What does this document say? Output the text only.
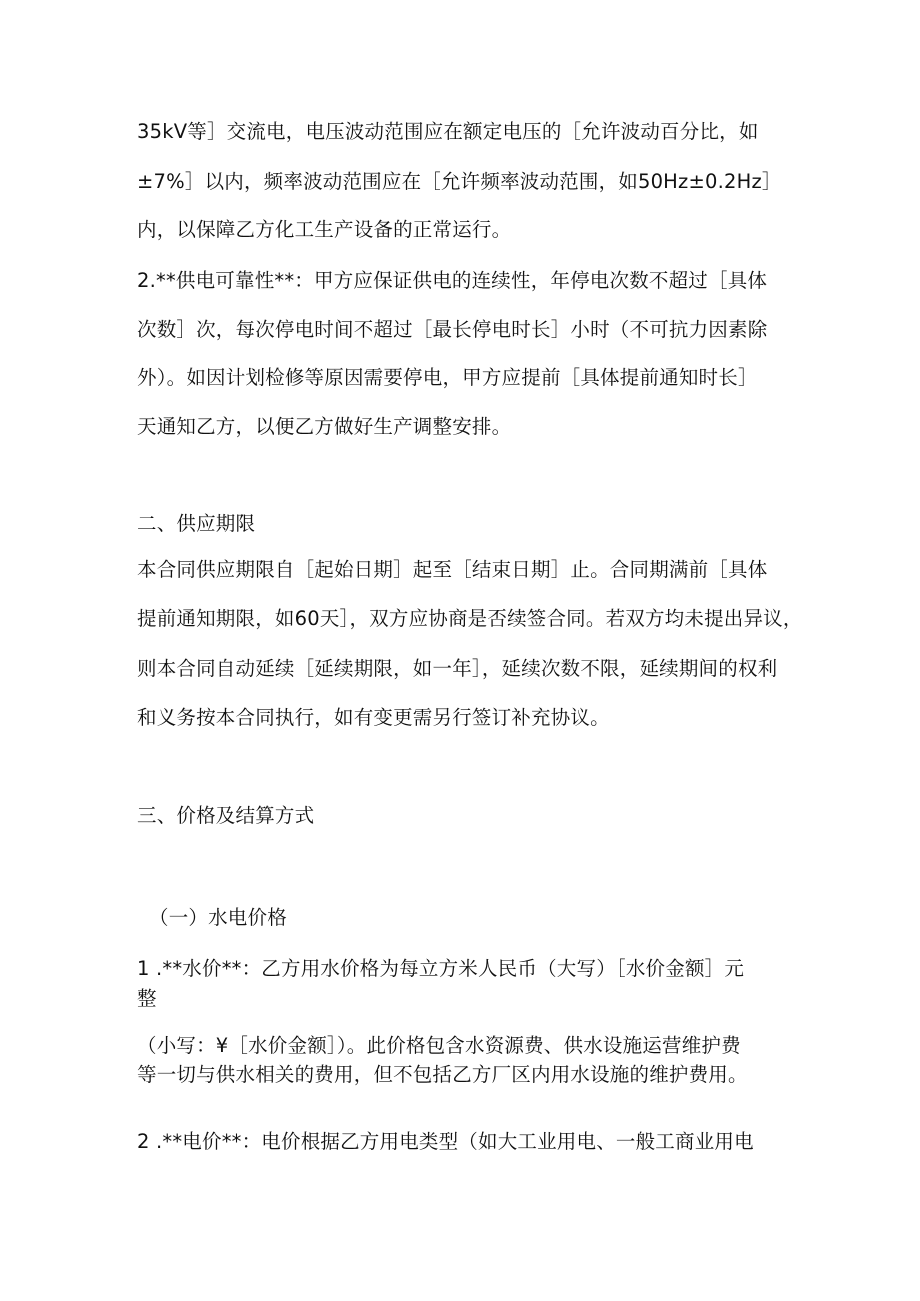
35kV等］交流电，电压波动范围应在额定电压的［允许波动百分比，如
±7%］以内，频率波动范围应在［允许频率波动范围，如50Hz±0.2Hz］
内，以保障乙方化工生产设备的正常运行。
2.**供电可靠性**：甲方应保证供电的连续性，年停电次数不超过［具体
次数］次，每次停电时间不超过［最长停电时长］小时（不可抗力因素除
外）。如因计划检修等原因需要停电，甲方应提前［具体提前通知时长］
天通知乙方，以便乙方做好生产调整安排。
二、供应期限
本合同供应期限自［起始日期］起至［结束日期］止。合同期满前［具体
提前通知期限，如60天］，双方应协商是否续签合同。若双方均未提出异议，
则本合同自动延续［延续期限，如一年］，延续次数不限，延续期间的权利
和义务按本合同执行，如有变更需另行签订补充协议。
三、价格及结算方式
（一）水电价格
1 .**水价**：乙方用水价格为每立方米人民币（大写）［水价金额］元
整
（小写：¥［水价金额］）。此价格包含水资源费、供水设施运营维护费
等一切与供水相关的费用，但不包括乙方厂区内用水设施的维护费用。
2 .**电价**：电价根据乙方用电类型（如大工业用电、一般工商业用电
